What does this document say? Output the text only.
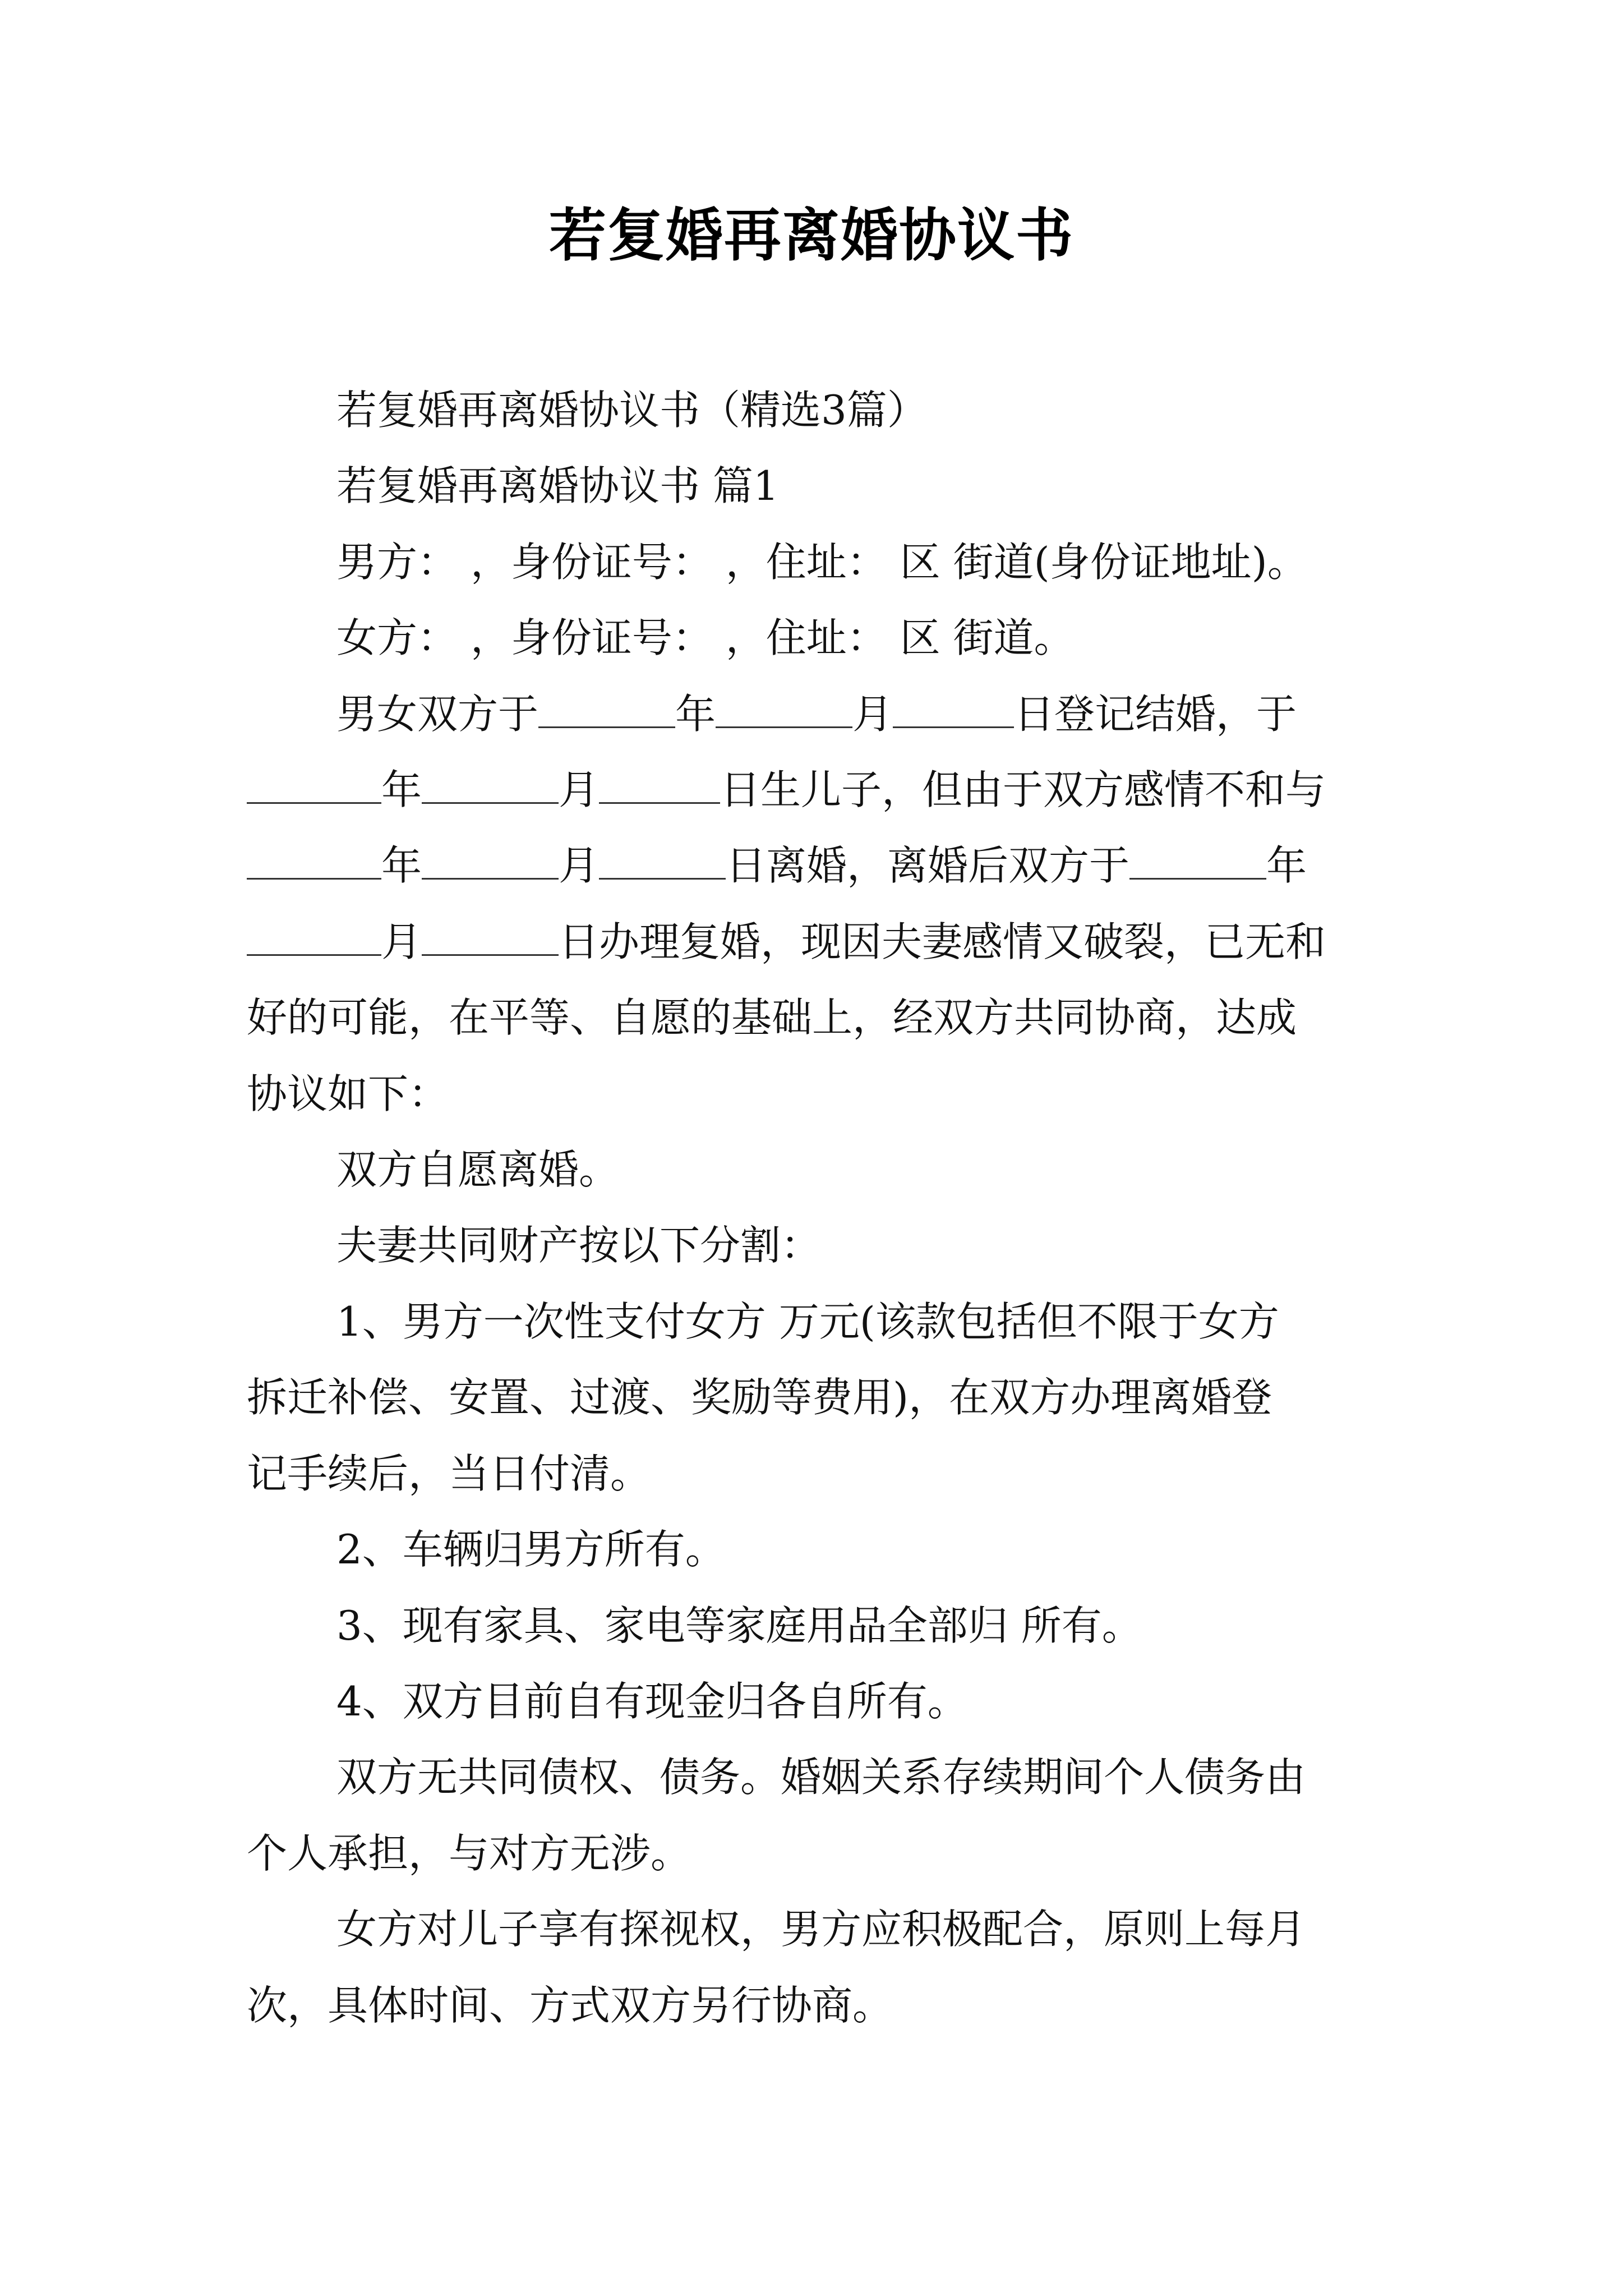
若复婚再离婚协议书

若复婚再离婚协议书（精选3篇）

若复婚再离婚协议书 篇1

男方： ，身份证号： ，住址： 区 街道(身份证地址)。

女方： ，身份证号： ，住址： 区 街道。

男女双方于	年	月	日登记结婚，于

年	月	日生儿子，但由于双方感情不和与

年	月	日离婚，离婚后双方于	年

月	日办理复婚，现因夫妻感情又破裂，已无和

好的可能，在平等、自愿的基础上，经双方共同协商，达成

协议如下：

双方自愿离婚。

夫妻共同财产按以下分割：

1、男方一次性支付女方 万元(该款包括但不限于女方

拆迁补偿、安置、过渡、奖励等费用)，在双方办理离婚登

记手续后，当日付清。

2、车辆归男方所有。

3、现有家具、家电等家庭用品全部归 所有。

4、双方目前自有现金归各自所有。

双方无共同债权、债务。婚姻关系存续期间个人债务由

个人承担，与对方无涉。

女方对儿子享有探视权，男方应积极配合，原则上每月

次，具体时间、方式双方另行协商。
